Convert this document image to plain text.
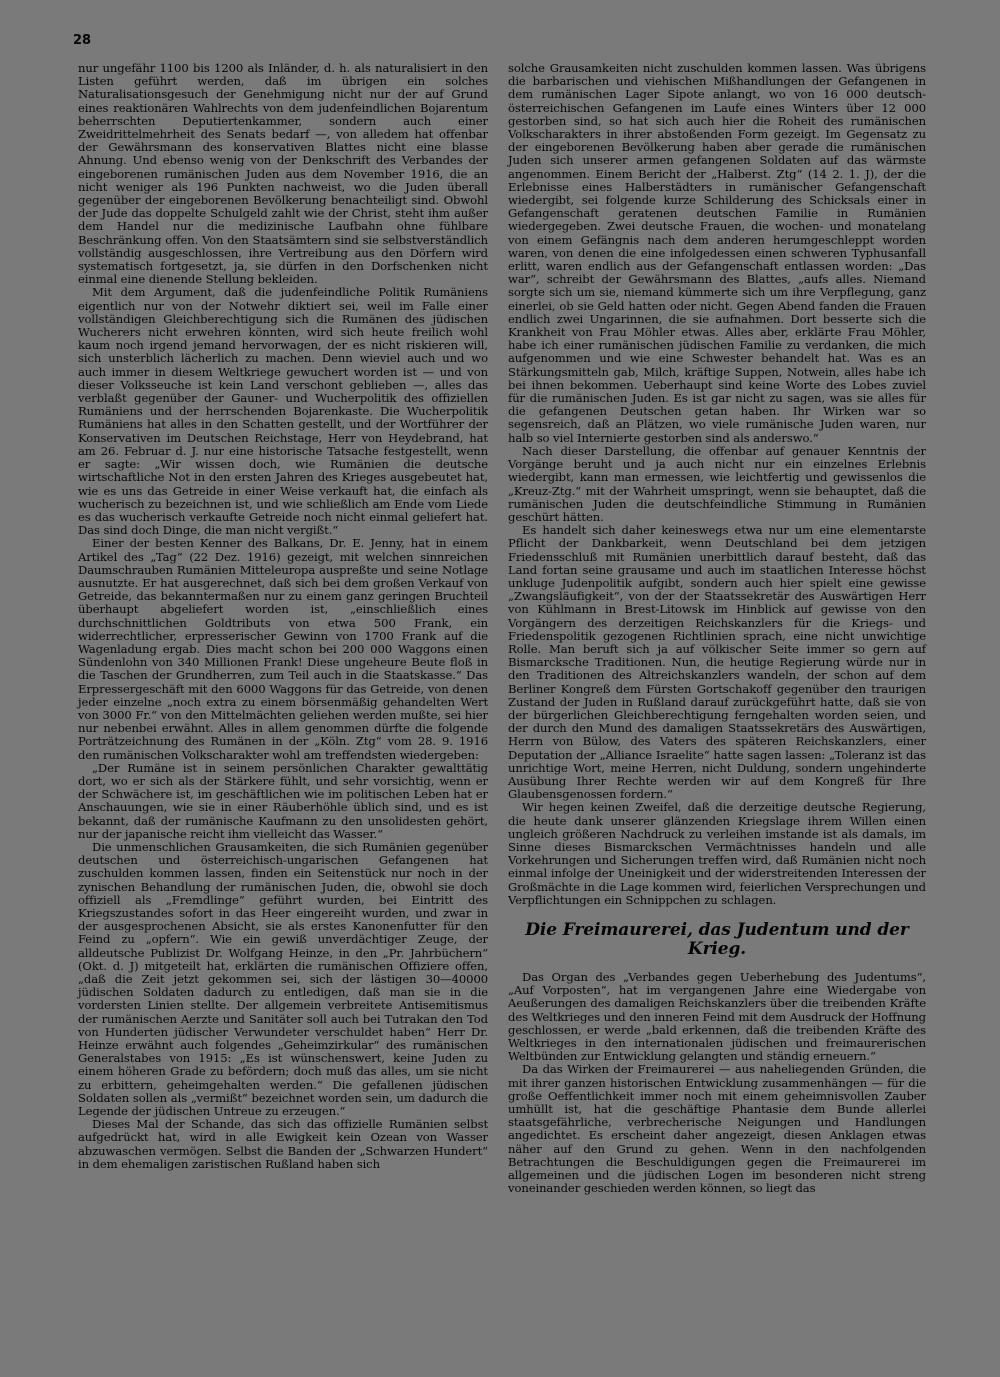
28

nur ungefähr 1100 bis 1200 als Inländer, d. h. als naturalisiert in den Listen geführt werden, daß im übrigen ein solches Naturalisationsgesuch der Genehmigung nicht nur der auf Grund eines reaktionären Wahlrechts von dem judenfeindlichen Bojarentum beherrschten Deputiertenkammer, sondern auch einer Zweidrittelmehrheit des Senats bedarf —, von alledem hat offenbar der Gewährsmann des konservativen Blattes nicht eine blasse Ahnung. Und ebenso wenig von der Denkschrift des Verbandes der eingeborenen rumänischen Juden aus dem November 1916, die an nicht weniger als 196 Punkten nachweist, wo die Juden überall gegenüber der eingeborenen Bevölkerung benachteiligt sind. Obwohl der Jude das doppelte Schulgeld zahlt wie der Christ, steht ihm außer dem Handel nur die medizinische Laufbahn ohne fühlbare Beschränkung offen. Von den Staatsämtern sind sie selbstverständlich vollständig ausgeschlossen, ihre Vertreibung aus den Dörfern wird systematisch fortgesetzt, ja, sie dürfen in den Dorfschenken nicht einmal eine dienende Stellung bekleiden.

Mit dem Argument, daß die judenfeindliche Politik Rumäniens eigentlich nur von der Notwehr diktiert sei, weil im Falle einer vollständigen Gleichberechtigung sich die Rumänen des jüdischen Wucherers nicht erwehren könnten, wird sich heute freilich wohl kaum noch irgend jemand hervorwagen, der es nicht riskieren will, sich unsterblich lächerlich zu machen. Denn wieviel auch und wo auch immer in diesem Weltkriege gewuchert worden ist — und von dieser Volksseuche ist kein Land verschont geblieben —, alles das verblaßt gegenüber der Gauner- und Wucherpolitik des offiziellen Rumäniens und der herrschenden Bojarenkaste. Die Wucherpolitik Rumäniens hat alles in den Schatten gestellt, und der Wortführer der Konservativen im Deutschen Reichstage, Herr von Heydebrand, hat am 26. Februar d. J. nur eine historische Tatsache festgestellt, wenn er sagte: „Wir wissen doch, wie Rumänien die deutsche wirtschaftliche Not in den ersten Jahren des Krieges ausgebeutet hat, wie es uns das Getreide in einer Weise verkauft hat, die einfach als wucherisch zu bezeichnen ist, und wie schließlich am Ende vom Liede es das wucherisch verkaufte Getreide noch nicht einmal geliefert hat. Das sind doch Dinge, die man nicht vergißt.“

Einer der besten Kenner des Balkans, Dr. E. Jenny, hat in einem Artikel des „Tag“ (22 Dez. 1916) gezeigt, mit welchen sinnreichen Daumschrauben Rumänien Mitteleuropa auspreßte und seine Notlage ausnutzte. Er hat ausgerechnet, daß sich bei dem großen Verkauf von Getreide, das bekanntermaßen nur zu einem ganz geringen Bruchteil überhaupt abgeliefert worden ist, „einschließlich eines durchschnittlichen Goldtributs von etwa 500 Frank, ein widerrechtlicher, erpresserischer Gewinn von 1700 Frank auf die Wagenladung ergab. Dies macht schon bei 200 000 Waggons einen Sündenlohn von 340 Millionen Frank! Diese ungeheure Beute floß in die Taschen der Grundherren, zum Teil auch in die Staatskasse.“ Das Erpressergeschäft mit den 6000 Waggons für das Getreide, von denen jeder einzelne „noch extra zu einem börsenmäßig gehandelten Wert von 3000 Fr.“ von den Mittelmächten geliehen werden mußte, sei hier nur nebenbei erwähnt. Alles in allem genommen dürfte die folgende Porträtzeichnung des Rumänen in der „Köln. Ztg“ vom 28. 9. 1916 den rumänischen Volkscharakter wohl am treffendsten wiedergeben:

„Der Rumäne ist in seinem persönlichen Charakter gewalttätig dort, wo er sich als der Stärkere fühlt, und sehr vorsichtig, wenn er der Schwächere ist, im geschäftlichen wie im politischen Leben hat er Anschauungen, wie sie in einer Räuberhöhle üblich sind, und es ist bekannt, daß der rumänische Kaufmann zu den unsolidesten gehört, nur der japanische reicht ihm vielleicht das Wasser.“

Die unmenschlichen Grausamkeiten, die sich Rumänien gegenüber deutschen und österreichisch-ungarischen Gefangenen hat zuschulden kommen lassen, finden ein Seitenstück nur noch in der zynischen Behandlung der rumänischen Juden, die, obwohl sie doch offiziell als „Fremdlinge“ geführt wurden, bei Eintritt des Kriegszustandes sofort in das Heer eingereiht wurden, und zwar in der ausgesprochenen Absicht, sie als erstes Kanonenfutter für den Feind zu „opfern“. Wie ein gewiß unverdächtiger Zeuge, der alldeutsche Publizist Dr. Wolfgang Heinze, in den „Pr. Jahrbüchern“ (Okt. d. J) mitgeteilt hat, erklärten die rumänischen Offiziere offen, „daß die Zeit jetzt gekommen sei, sich der lästigen 30—40000 jüdischen Soldaten dadurch zu entledigen, daß man sie in die vordersten Linien stellte. Der allgemein verbreitete Antisemitismus der rumänischen Aerzte und Sanitäter soll auch bei Tutrakan den Tod von Hunderten jüdischer Verwundeter verschuldet haben“ Herr Dr. Heinze erwähnt auch folgendes „Geheimzirkular“ des rumänischen Generalstabes von 1915: „Es ist wünschenswert, keine Juden zu einem höheren Grade zu befördern; doch muß das alles, um sie nicht zu erbittern, geheimgehalten werden.“ Die gefallenen jüdischen Soldaten sollen als „vermißt“ bezeichnet worden sein, um dadurch die Legende der jüdischen Untreue zu erzeugen.“

Dieses Mal der Schande, das sich das offizielle Rumänien selbst aufgedrückt hat, wird in alle Ewigkeit kein Ozean von Wasser abzuwaschen vermögen. Selbst die Banden der „Schwarzen Hundert“ in dem ehemaligen zaristischen Rußland haben sich

solche Grausamkeiten nicht zuschulden kommen lassen. Was übrigens die barbarischen und viehischen Mißhandlungen der Gefangenen in dem rumänischen Lager Sipote anlangt, wo von 16 000 deutsch-österreichischen Gefangenen im Laufe eines Winters über 12 000 gestorben sind, so hat sich auch hier die Roheit des rumänischen Volkscharakters in ihrer abstoßenden Form gezeigt. Im Gegensatz zu der eingeborenen Bevölkerung haben aber gerade die rumänischen Juden sich unserer armen gefangenen Soldaten auf das wärmste angenommen. Einem Bericht der „Halberst. Ztg“ (14 2. 1. J), der die Erlebnisse eines Halberstädters in rumänischer Gefangenschaft wiedergibt, sei folgende kurze Schilderung des Schicksals einer in Gefangenschaft geratenen deutschen Familie in Rumänien wiedergegeben. Zwei deutsche Frauen, die wochen- und monatelang von einem Gefängnis nach dem anderen herumgeschleppt worden waren, von denen die eine infolgedessen einen schweren Typhusanfall erlitt, waren endlich aus der Gefangenschaft entlassen worden: „Das war“, schreibt der Gewährsmann des Blattes, „aufs alles. Niemand sorgte sich um sie, niemand kümmerte sich um ihre Verpflegung, ganz einerlei, ob sie Geld hatten oder nicht. Gegen Abend fanden die Frauen endlich zwei Ungarinnen, die sie aufnahmen. Dort besserte sich die Krankheit von Frau Möhler etwas. Alles aber, erklärte Frau Möhler, habe ich einer rumänischen jüdischen Familie zu verdanken, die mich aufgenommen und wie eine Schwester behandelt hat. Was es an Stärkungsmitteln gab, Milch, kräftige Suppen, Notwein, alles habe ich bei ihnen bekommen. Ueberhaupt sind keine Worte des Lobes zuviel für die rumänischen Juden. Es ist gar nicht zu sagen, was sie alles für die gefangenen Deutschen getan haben. Ihr Wirken war so segensreich, daß an Plätzen, wo viele rumänische Juden waren, nur halb so viel Internierte gestorben sind als anderswo.“

Nach dieser Darstellung, die offenbar auf genauer Kenntnis der Vorgänge beruht und ja auch nicht nur ein einzelnes Erlebnis wiedergibt, kann man ermessen, wie leichtfertig und gewissenlos die „Kreuz-Ztg.“ mit der Wahrheit umspringt, wenn sie behauptet, daß die rumänischen Juden die deutschfeindliche Stimmung in Rumänien geschürt hätten.

Es handelt sich daher keineswegs etwa nur um eine elementarste Pflicht der Dankbarkeit, wenn Deutschland bei dem jetzigen Friedensschluß mit Rumänien unerbittlich darauf besteht, daß das Land fortan seine grausame und auch im staatlichen Interesse höchst unkluge Judenpolitik aufgibt, sondern auch hier spielt eine gewisse „Zwangsläufigkeit“, von der der Staatssekretär des Auswärtigen Herr von Kühlmann in Brest-Litowsk im Hinblick auf gewisse von den Vorgängern des derzeitigen Reichskanzlers für die Kriegs- und Friedenspolitik gezogenen Richtlinien sprach, eine nicht unwichtige Rolle. Man beruft sich ja auf völkischer Seite immer so gern auf Bismarcksche Traditionen. Nun, die heutige Regierung würde nur in den Traditionen des Altreichskanzlers wandeln, der schon auf dem Berliner Kongreß dem Fürsten Gortschakoff gegenüber den traurigen Zustand der Juden in Rußland darauf zurückgeführt hatte, daß sie von der bürgerlichen Gleichberechtigung ferngehalten worden seien, und der durch den Mund des damaligen Staatssekretärs des Auswärtigen, Herrn von Bülow, des Vaters des späteren Reichskanzlers, einer Deputation der „Alliance Israelite“ hatte sagen lassen: „Toleranz ist das unrichtige Wort, meine Herren, nicht Duldung, sondern ungehinderte Ausübung Ihrer Rechte werden wir auf dem Kongreß für Ihre Glaubensgenossen fordern.“

Wir hegen keinen Zweifel, daß die derzeitige deutsche Regierung, die heute dank unserer glänzenden Kriegslage ihrem Willen einen ungleich größeren Nachdruck zu verleihen imstande ist als damals, im Sinne dieses Bismarckschen Vermächtnisses handeln und alle Vorkehrungen und Sicherungen treffen wird, daß Rumänien nicht noch einmal infolge der Uneinigkeit und der widerstreitenden Interessen der Großmächte in die Lage kommen wird, feierlichen Versprechungen und Verpflichtungen ein Schnippchen zu schlagen.

Die Freimaurerei, das Judentum und der Krieg.

Das Organ des „Verbandes gegen Ueberhebung des Judentums“, „Auf Vorposten“, hat im vergangenen Jahre eine Wiedergabe von Aeußerungen des damaligen Reichskanzlers über die treibenden Kräfte des Weltkrieges und den inneren Feind mit dem Ausdruck der Hoffnung geschlossen, er werde „bald erkennen, daß die treibenden Kräfte des Weltkrieges in den internationalen jüdischen und freimaurerischen Weltbünden zur Entwicklung gelangten und ständig erneuern.“

Da das Wirken der Freimaurerei — aus naheliegenden Gründen, die mit ihrer ganzen historischen Entwicklung zusammenhängen — für die große Oeffentlichkeit immer noch mit einem geheimnisvollen Zauber umhüllt ist, hat die geschäftige Phantasie dem Bunde allerlei staatsgefährliche, verbrecherische Neigungen und Handlungen angedichtet. Es erscheint daher angezeigt, diesen Anklagen etwas näher auf den Grund zu gehen. Wenn in den nachfolgenden Betrachtungen die Beschuldigungen gegen die Freimaurerei im allgemeinen und die jüdischen Logen im besonderen nicht streng voneinander geschieden werden können, so liegt das
